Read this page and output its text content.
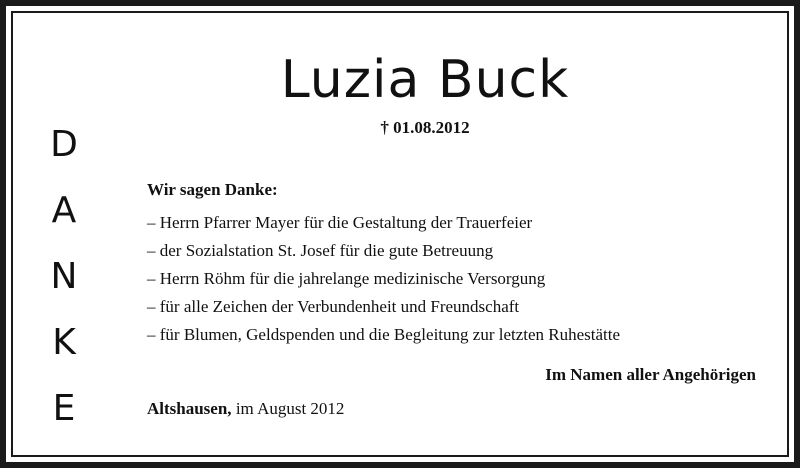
D
A
N
K
E
Luzia Buck
† 01.08.2012
Wir sagen Danke:
– Herrn Pfarrer Mayer für die Gestaltung der Trauerfeier
– der Sozialstation St. Josef für die gute Betreuung
– Herrn Röhm für die jahrelange medizinische Versorgung
– für alle Zeichen der Verbundenheit und Freundschaft
– für Blumen, Geldspenden und die Begleitung zur letzten Ruhestätte
Im Namen aller Angehörigen
Altshausen, im August 2012
